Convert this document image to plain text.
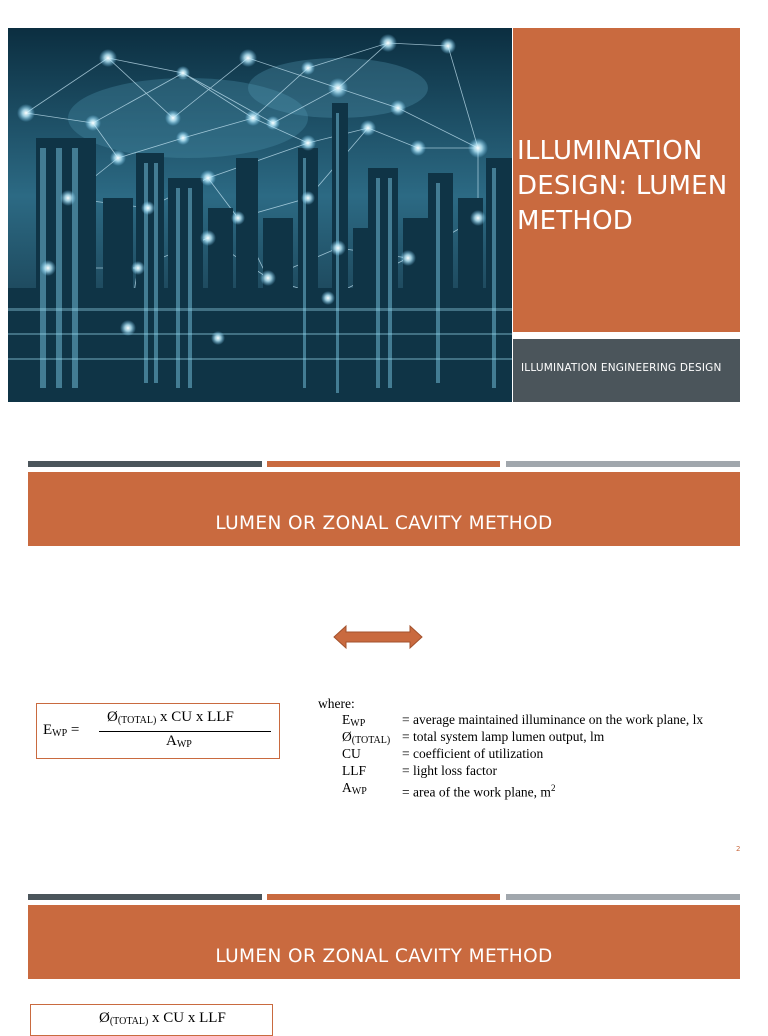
ILLUMINATION DESIGN: LUMEN METHOD
ILLUMINATION ENGINEERING DESIGN
LUMEN OR ZONAL CAVITY METHOD
$E_{WP}$ =
$Ø_{(TOTAL)}$ x CU x LLF
$A_{WP}$
where:
$E_{WP}$	= average maintained illuminance on the work plane, lx
$Ø_{(TOTAL)}$ = total system lamp lumen output, lm
CU	= coefficient of utilization
LLF	= light loss factor
$A_{WP}$	= area of the work plane, $m^2$
2
LUMEN OR ZONAL CAVITY METHOD
$Ø_{(TOTAL)}$ x CU x LLF
